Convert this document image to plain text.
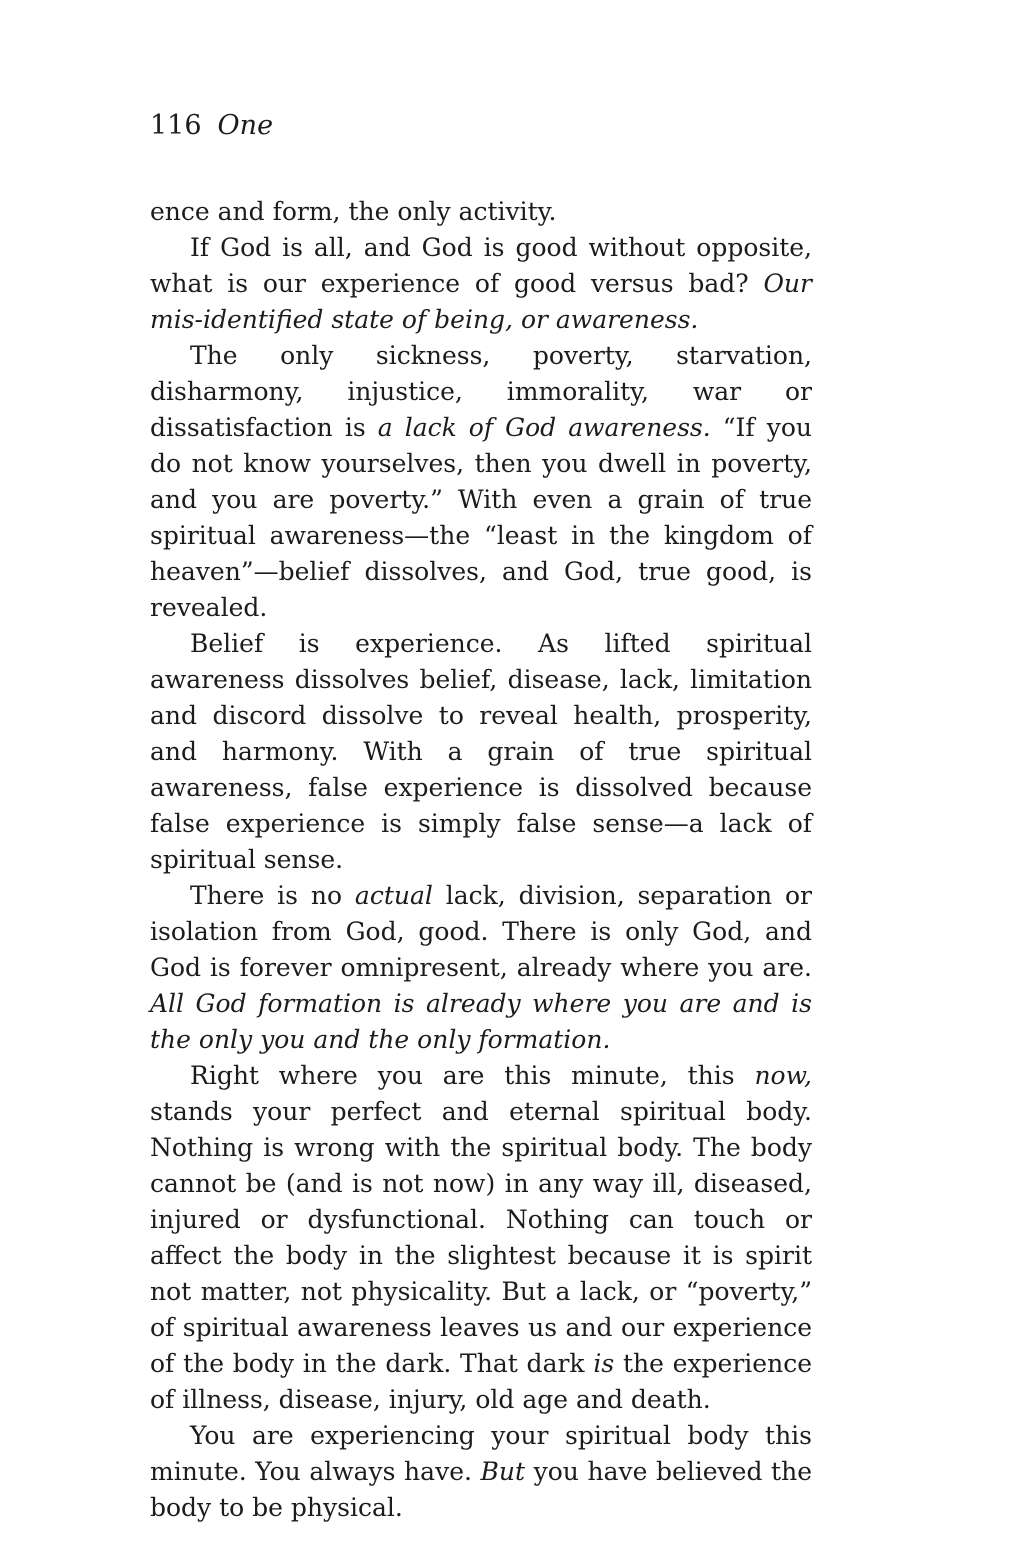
116 One

ence and form, the only activity.

If God is all, and God is good without opposite, what is our experience of good versus bad? Our mis-identified state of being, or awareness.

The only sickness, poverty, starvation, disharmony, injustice, immorality, war or dissatisfaction is a lack of God awareness. “If you do not know yourselves, then you dwell in poverty, and you are poverty.” With even a grain of true spiritual awareness—the “least in the kingdom of heaven”—belief dissolves, and God, true good, is revealed.

Belief is experience. As lifted spiritual awareness dissolves belief, disease, lack, limitation and discord dissolve to reveal health, prosperity, and harmony. With a grain of true spiritual awareness, false experience is dissolved because false experience is simply false sense—a lack of spiritual sense.

There is no actual lack, division, separation or isolation from God, good. There is only God, and God is forever omnipresent, already where you are. All God formation is already where you are and is the only you and the only formation.

Right where you are this minute, this now, stands your perfect and eternal spiritual body. Nothing is wrong with the spiritual body. The body cannot be (and is not now) in any way ill, diseased, injured or dysfunctional. Nothing can touch or affect the body in the slightest because it is spirit not matter, not physicality. But a lack, or “poverty,” of spiritual awareness leaves us and our experience of the body in the dark. That dark is the experience of illness, disease, injury, old age and death.

You are experiencing your spiritual body this minute. You always have. But you have believed the body to be physical.
